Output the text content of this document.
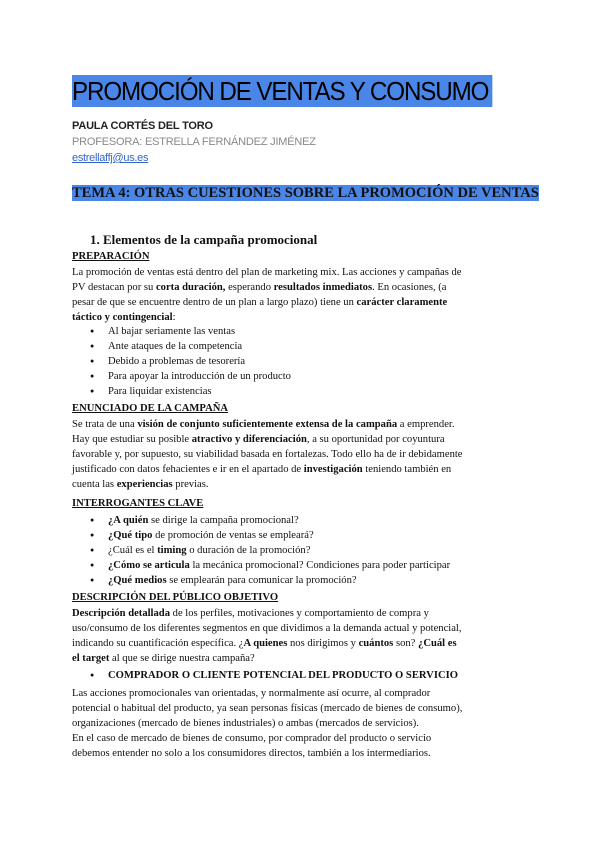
PROMOCIÓN DE VENTAS Y CONSUMO
PAULA CORTÉS DEL TORO
PROFESORA: ESTRELLA FERNÁNDEZ JIMÉNEZ
estrellaffj@us.es
TEMA 4: OTRAS CUESTIONES SOBRE LA PROMOCIÓN DE VENTAS
1. Elementos de la campaña promocional
PREPARACIÓN
La promoción de ventas está dentro del plan de marketing mix. Las acciones y campañas de
PV destacan por su corta duración, esperando resultados inmediatos. En ocasiones, (a
pesar de que se encuentre dentro de un plan a largo plazo) tiene un carácter claramente
táctico y contingencial:
● Al bajar seriamente las ventas
● Ante ataques de la competencia
● Debido a problemas de tesorería
● Para apoyar la introducción de un producto
● Para liquidar existencias
ENUNCIADO DE LA CAMPAÑA
Se trata de una visión de conjunto suficientemente extensa de la campaña a emprender.
Hay que estudiar su posible atractivo y diferenciación, a su oportunidad por coyuntura
favorable y, por supuesto, su viabilidad basada en fortalezas. Todo ello ha de ir debidamente
justificado con datos fehacientes e ir en el apartado de investigación teniendo también en
cuenta las experiencias previas.
INTERROGANTES CLAVE
● ¿A quién se dirige la campaña promocional?
● ¿Qué tipo de promoción de ventas se empleará?
● ¿Cuál es el timing o duración de la promoción?
● ¿Cómo se articula la mecánica promocional? Condiciones para poder participar
● ¿Qué medios se emplearán para comunicar la promoción?
DESCRIPCIÓN DEL PÚBLICO OBJETIVO
Descripción detallada de los perfiles, motivaciones y comportamiento de compra y
uso/consumo de los diferentes segmentos en que dividimos a la demanda actual y potencial,
indicando su cuantificación específica. ¿A quienes nos dirigimos y cuántos son? ¿Cuál es
el target al que se dirige nuestra campaña?
● COMPRADOR O CLIENTE POTENCIAL DEL PRODUCTO O SERVICIO
Las acciones promocionales van orientadas, y normalmente así ocurre, al comprador
potencial o habitual del producto, ya sean personas físicas (mercado de bienes de consumo),
organizaciones (mercado de bienes industriales) o ambas (mercados de servicios).
En el caso de mercado de bienes de consumo, por comprador del producto o servicio
debemos entender no solo a los consumidores directos, también a los intermediarios.
